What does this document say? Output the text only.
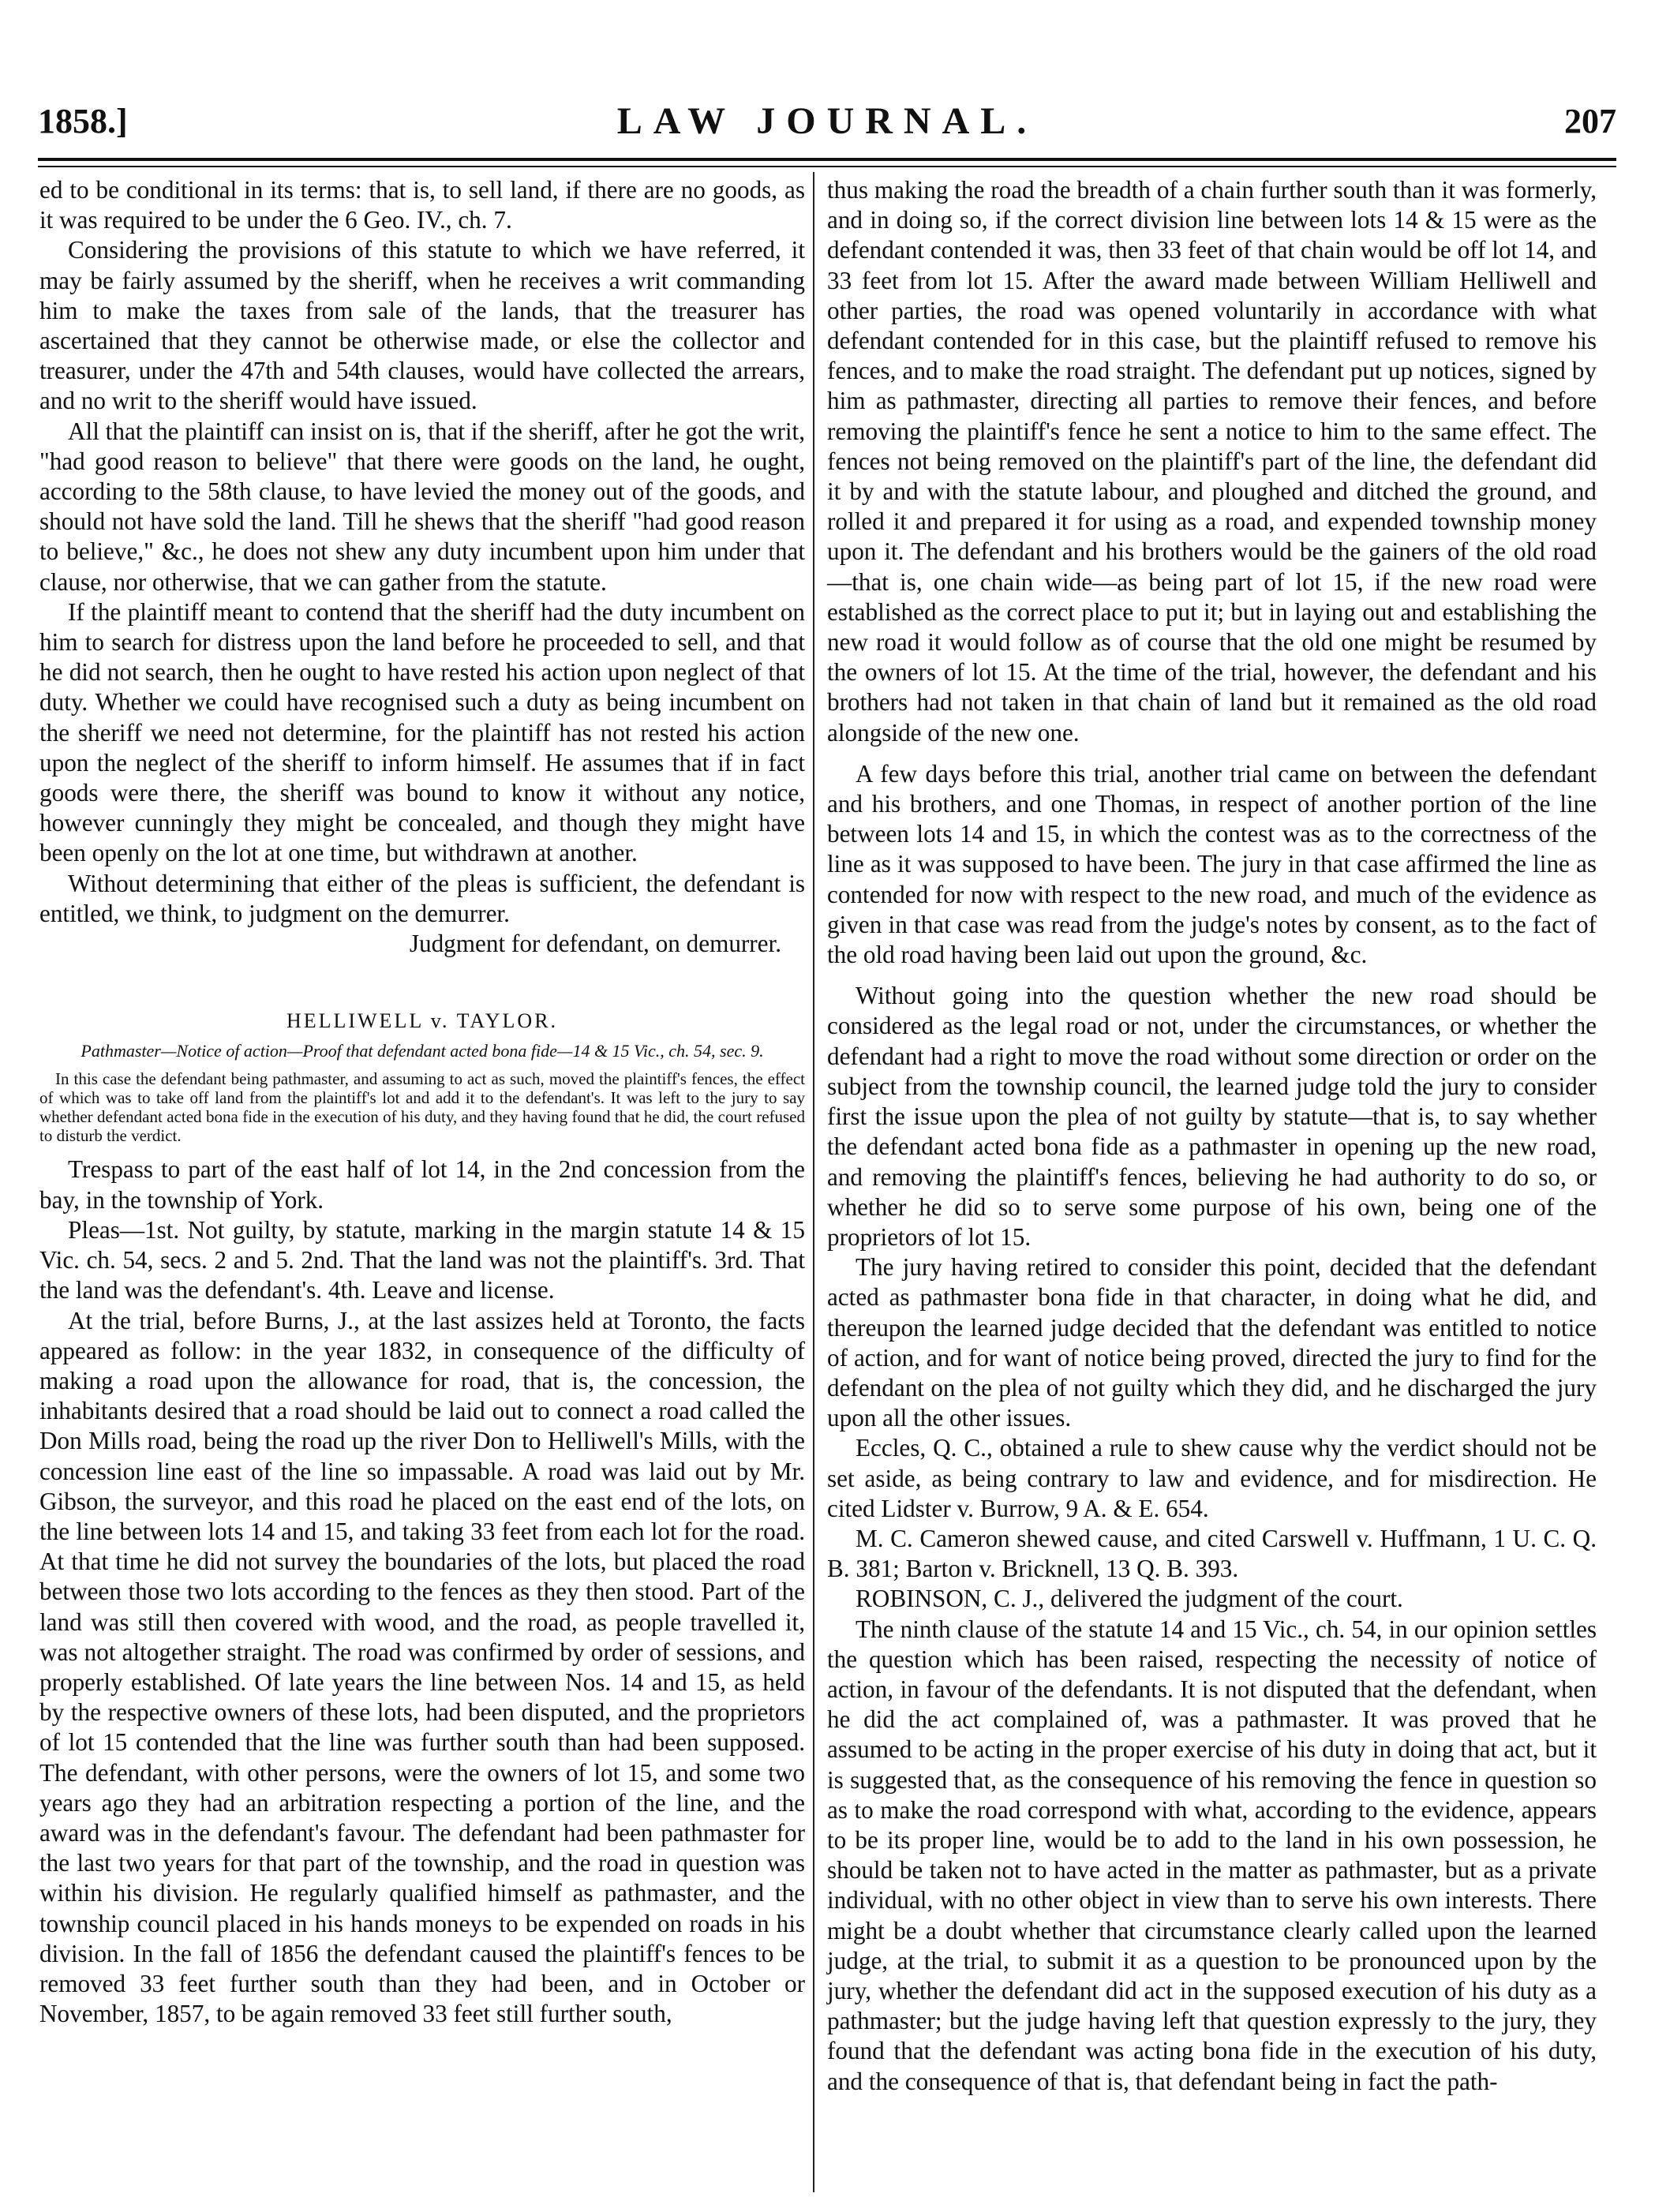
1858.]	LAW JOURNAL.	207

ed to be conditional in its terms: that is, to sell land, if there are no goods, as it was required to be under the 6 Geo. IV., ch. 7.

Considering the provisions of this statute to which we have referred, it may be fairly assumed by the sheriff, when he receives a writ commanding him to make the taxes from sale of the lands, that the treasurer has ascertained that they cannot be otherwise made, or else the collector and treasurer, under the 47th and 54th clauses, would have collected the arrears, and no writ to the sheriff would have issued.

All that the plaintiff can insist on is, that if the sheriff, after he got the writ, "had good reason to believe" that there were goods on the land, he ought, according to the 58th clause, to have levied the money out of the goods, and should not have sold the land. Till he shews that the sheriff "had good reason to believe," &c., he does not shew any duty incumbent upon him under that clause, nor otherwise, that we can gather from the statute.

If the plaintiff meant to contend that the sheriff had the duty incumbent on him to search for distress upon the land before he proceeded to sell, and that he did not search, then he ought to have rested his action upon neglect of that duty. Whether we could have recognised such a duty as being incumbent on the sheriff we need not determine, for the plaintiff has not rested his action upon the neglect of the sheriff to inform himself. He assumes that if in fact goods were there, the sheriff was bound to know it without any notice, however cunningly they might be concealed, and though they might have been openly on the lot at one time, but withdrawn at another.

Without determining that either of the pleas is sufficient, the defendant is entitled, we think, to judgment on the demurrer.

Judgment for defendant, on demurrer.

HELLIWELL v. TAYLOR.

Pathmaster—Notice of action—Proof that defendant acted bona fide—14 & 15 Vic., ch. 54, sec. 9.

In this case the defendant being pathmaster, and assuming to act as such, moved the plaintiff's fences, the effect of which was to take off land from the plaintiff's lot and add it to the defendant's. It was left to the jury to say whether defendant acted bona fide in the execution of his duty, and they having found that he did, the court refused to disturb the verdict.

Trespass to part of the east half of lot 14, in the 2nd concession from the bay, in the township of York.

Pleas—1st. Not guilty, by statute, marking in the margin statute 14 & 15 Vic. ch. 54, secs. 2 and 5. 2nd. That the land was not the plaintiff's. 3rd. That the land was the defendant's. 4th. Leave and license.

At the trial, before Burns, J., at the last assizes held at Toronto, the facts appeared as follow: in the year 1832, in consequence of the difficulty of making a road upon the allowance for road, that is, the concession, the inhabitants desired that a road should be laid out to connect a road called the Don Mills road, being the road up the river Don to Helliwell's Mills, with the concession line east of the line so impassable. A road was laid out by Mr. Gibson, the surveyor, and this road he placed on the east end of the lots, on the line between lots 14 and 15, and taking 33 feet from each lot for the road. At that time he did not survey the boundaries of the lots, but placed the road between those two lots according to the fences as they then stood. Part of the land was still then covered with wood, and the road, as people travelled it, was not altogether straight. The road was confirmed by order of sessions, and properly established. Of late years the line between Nos. 14 and 15, as held by the respective owners of these lots, had been disputed, and the proprietors of lot 15 contended that the line was further south than had been supposed. The defendant, with other persons, were the owners of lot 15, and some two years ago they had an arbitration respecting a portion of the line, and the award was in the defendant's favour. The defendant had been pathmaster for the last two years for that part of the township, and the road in question was within his division. He regularly qualified himself as pathmaster, and the township council placed in his hands moneys to be expended on roads in his division. In the fall of 1856 the defendant caused the plaintiff's fences to be removed 33 feet further south than they had been, and in October or November, 1857, to be again removed 33 feet still further south,

thus making the road the breadth of a chain further south than it was formerly, and in doing so, if the correct division line between lots 14 & 15 were as the defendant contended it was, then 33 feet of that chain would be off lot 14, and 33 feet from lot 15. After the award made between William Helliwell and other parties, the road was opened voluntarily in accordance with what defendant contended for in this case, but the plaintiff refused to remove his fences, and to make the road straight. The defendant put up notices, signed by him as pathmaster, directing all parties to remove their fences, and before removing the plaintiff's fence he sent a notice to him to the same effect. The fences not being removed on the plaintiff's part of the line, the defendant did it by and with the statute labour, and ploughed and ditched the ground, and rolled it and prepared it for using as a road, and expended township money upon it. The defendant and his brothers would be the gainers of the old road—that is, one chain wide—as being part of lot 15, if the new road were established as the correct place to put it; but in laying out and establishing the new road it would follow as of course that the old one might be resumed by the owners of lot 15. At the time of the trial, however, the defendant and his brothers had not taken in that chain of land but it remained as the old road alongside of the new one.

A few days before this trial, another trial came on between the defendant and his brothers, and one Thomas, in respect of another portion of the line between lots 14 and 15, in which the contest was as to the correctness of the line as it was supposed to have been. The jury in that case affirmed the line as contended for now with respect to the new road, and much of the evidence as given in that case was read from the judge's notes by consent, as to the fact of the old road having been laid out upon the ground, &c.

Without going into the question whether the new road should be considered as the legal road or not, under the circumstances, or whether the defendant had a right to move the road without some direction or order on the subject from the township council, the learned judge told the jury to consider first the issue upon the plea of not guilty by statute—that is, to say whether the defendant acted bona fide as a pathmaster in opening up the new road, and removing the plaintiff's fences, believing he had authority to do so, or whether he did so to serve some purpose of his own, being one of the proprietors of lot 15.

The jury having retired to consider this point, decided that the defendant acted as pathmaster bona fide in that character, in doing what he did, and thereupon the learned judge decided that the defendant was entitled to notice of action, and for want of notice being proved, directed the jury to find for the defendant on the plea of not guilty which they did, and he discharged the jury upon all the other issues.

Eccles, Q. C., obtained a rule to shew cause why the verdict should not be set aside, as being contrary to law and evidence, and for misdirection. He cited Lidster v. Burrow, 9 A. & E. 654.

M. C. Cameron shewed cause, and cited Carswell v. Huffmann, 1 U. C. Q. B. 381; Barton v. Bricknell, 13 Q. B. 393.

ROBINSON, C. J., delivered the judgment of the court.

The ninth clause of the statute 14 and 15 Vic., ch. 54, in our opinion settles the question which has been raised, respecting the necessity of notice of action, in favour of the defendants. It is not disputed that the defendant, when he did the act complained of, was a pathmaster. It was proved that he assumed to be acting in the proper exercise of his duty in doing that act, but it is suggested that, as the consequence of his removing the fence in question so as to make the road correspond with what, according to the evidence, appears to be its proper line, would be to add to the land in his own possession, he should be taken not to have acted in the matter as pathmaster, but as a private individual, with no other object in view than to serve his own interests. There might be a doubt whether that circumstance clearly called upon the learned judge, at the trial, to submit it as a question to be pronounced upon by the jury, whether the defendant did act in the supposed execution of his duty as a pathmaster; but the judge having left that question expressly to the jury, they found that the defendant was acting bona fide in the execution of his duty, and the consequence of that is, that defendant being in fact the path-
